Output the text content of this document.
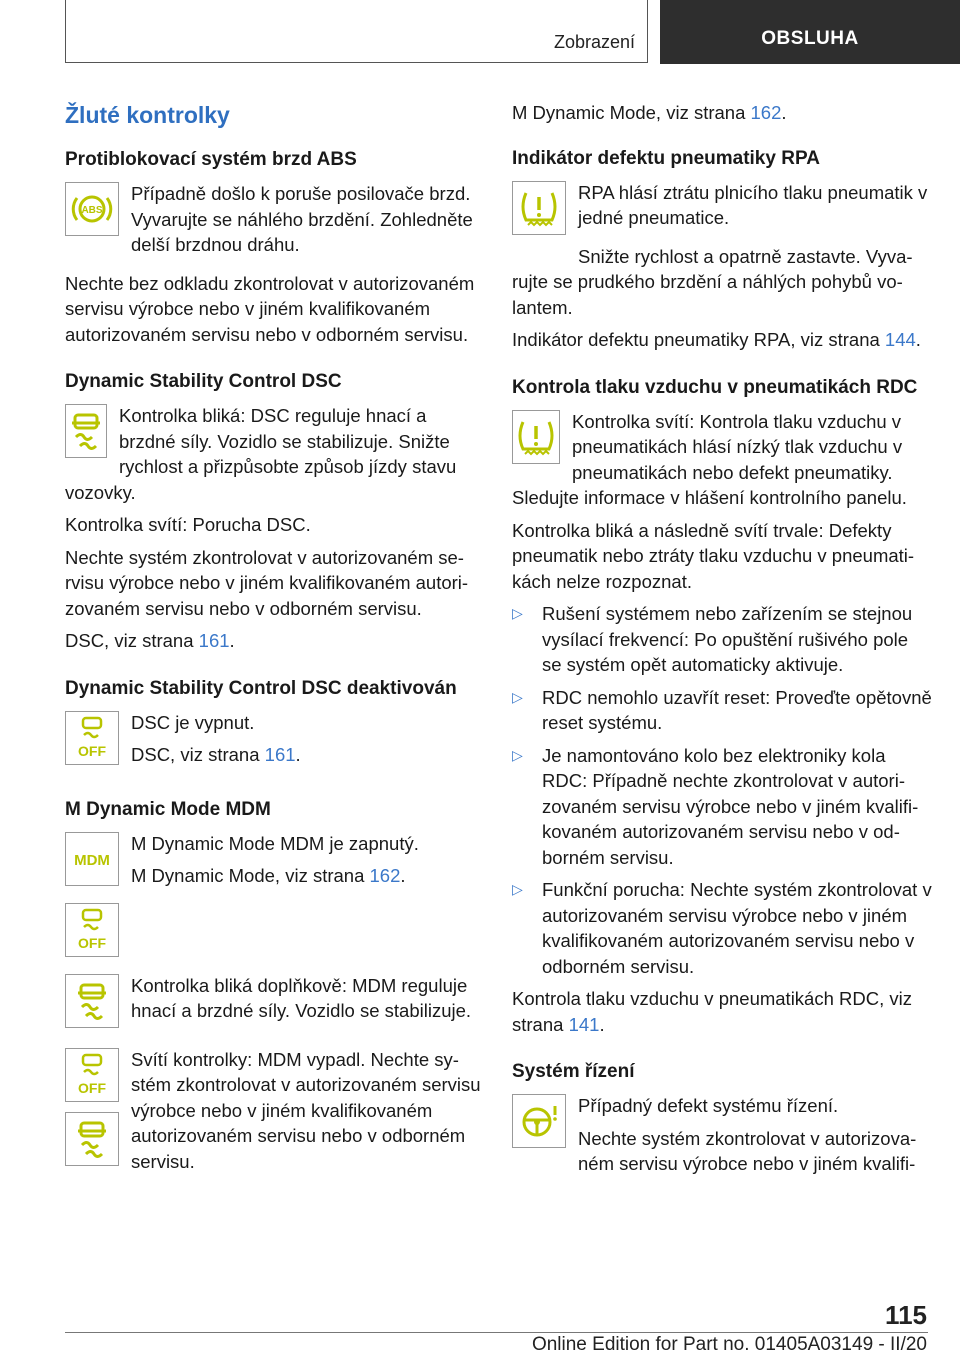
Zobrazení	OBSLUHA
Žluté kontrolky
Protiblokovací systém brzd ABS
ABS

Případně došlo k poruše posilovače brzd. Vyvarujte se náhlého brzdění. Zohledněte delší brzdnou dráhu.

Nechte bez odkladu zkontrolovat v autorizovaném servisu výrobce nebo v jiném kvalifikovaném autorizovaném servisu nebo v odborném servisu.

Dynamic Stability Control DSC

Kontrolka bliká: DSC reguluje hnací a brzdné síly. Vozidlo se stabilizuje. Snižte rychlost a přizpůsobte způsob jízdy stavu vozovky.

Kontrolka svítí: Porucha DSC.

Nechte systém zkontrolovat v autorizovaném servisu výrobce nebo v jiném kvalifikovaném autorizovaném servisu nebo v odborném servisu.

DSC, viz strana 161.

Dynamic Stability Control DSC deaktivován
OFF

DSC je vypnut.

DSC, viz strana 161.

M Dynamic Mode MDM
MDM

M Dynamic Mode MDM je zapnutý.

M Dynamic Mode, viz strana 162.

OFF

Kontrolka bliká doplňkově: MDM reguluje hnací a brzdné síly. Vozidlo se stabilizuje.

OFF

Svítí kontrolky: MDM vypadl. Nechte systém zkontrolovat v autorizovaném servisu výrobce nebo v jiném kvalifikovaném autorizovaném servisu nebo v odborném servisu.

M Dynamic Mode, viz strana 162.

Indikátor defektu pneumatiky RPA

RPA hlásí ztrátu plnicího tlaku pneumatik v jedné pneumatice.

Snižte rychlost a opatrně zastavte. Vyvarujte se prudkého brzdění a náhlých pohybů volantem.

Indikátor defektu pneumatiky RPA, viz strana 144.

Kontrola tlaku vzduchu v pneumatikách RDC

Kontrolka svítí: Kontrola tlaku vzduchu v pneumatikách hlásí nízký tlak vzduchu v pneumatikách nebo defekt pneumatiky. Sledujte informace v hlášení kontrolního panelu.

Kontrolka bliká a následně svítí trvale: Defekty pneumatik nebo ztráty tlaku vzduchu v pneumatikách nelze rozpoznat.

▷ Rušení systémem nebo zařízením se stejnou vysílací frekvencí: Po opuštění rušivého pole se systém opět automaticky aktivuje.
▷ RDC nemohlo uzavřít reset: Proveďte opětovně reset systému.
▷ Je namontováno kolo bez elektroniky kola RDC: Případně nechte zkontrolovat v autorizovaném servisu výrobce nebo v jiném kvalifikovaném autorizovaném servisu nebo v odborném servisu.
▷ Funkční porucha: Nechte systém zkontrolovat v autorizovaném servisu výrobce nebo v jiném kvalifikovaném autorizovaném servisu nebo v odborném servisu.

Kontrola tlaku vzduchu v pneumatikách RDC, viz strana 141.

Systém řízení

Případný defekt systému řízení.

Nechte systém zkontrolovat v autorizovaném servisu výrobce nebo v jiném kvalifi-

115
Online Edition for Part no. 01405A03149 - II/20
